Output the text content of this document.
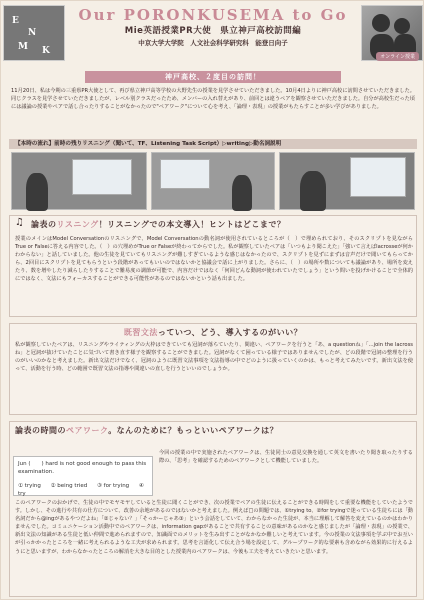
E
N
M K
Our PORONKUSEMA to Go
Mie英語授業PR大使　県立神戸高校訪問編
中京大学大学院　人文社会科学研究科　能登日向子
オンライン授業
神戸高校、２度目の訪問！
11月20日、私は今期の三重県PR大使として、再び県立神戸高等学校の大野先生の授業を見学させていただきました。10月4日よりに神戸高校に訪問させていただきました。同じクラスを見学させていただきましたが、レベル別クラスだったため、メンバーの入れ替えがあり、前回とは違うペアを観察させていただきました。自分が高校生だった頃には議論の授業やペアで話し合ったりすることがなかったので"ペアワーク"について心を考え、「論理・表現」の授業がもたらすことが多い学びがありました。
【本時の流れ】前時の残りリスニング（聞いて、TF、Listening Task Script）▷writing▷動名詞説明
♫ 論表のリスニング！リスニングでの本文導入！ヒントはどこまで？
授業のメインはModel Conversationのリスニングで、Model Conversationの動名詞が使用されているところが（　）で埋められており、そのスクリプトを見ながらTrue or Falseに答える内容でした。（　）の穴埋めがTrue or Falseが終わってからでした。私が観察していたペアは「いつもより聞こえた」「強いて言えばlacrosseが何かわからない」と話していました。他の生徒を見ていてもリスニングが難しすぎているような感じはなかったので、スクリプトを見ずにまずは音声だけで聞いてもらってから、2回目にスクリプトを見てもらうという段階があってもいいのではないかと協議会で話に上がりました。さらに、（　）の場所や数についても議論があり、場所を変えたり、数を増やしたり減らしたりすることで難易度の調節が可能で、内容だけではなく「何回どんな動詞が使われていたでしょう」という問いを投げかけることで全体的にではなく、文法にもフォーカスすることができる可能性があるのではないかという話も出ました。
既習文法っていつ、どう、導入するのがいい？
私が観察していたペアは、リスニングやライティングの大枠はできていても冠詞が落ちていたり、間違い、ペアワークを行うと「あ、a questionね」「…join the lacrossね」と冠詞が抜けていたことに気づいて書き直す様子を観察することができました。冠詞がなくて困っている様子ではありませんでしたが、どの段階で冠詞の整理を行うのがいいのかなと考えました。新出文法だけでなく、冠詞のように既習文法事項を文法指導の中でどのように扱っていくのかは、もっと考えてみたいです。新出文法を使って、活動を行う時、どの範囲で既習文法の指導や間違いの直しを行うといいのでしょうか。
論表の時間のペアワーク。なんのために？もっといいペアワークは？
Jun (　　) hard is not good enough to pass this examination.
① trying ② being tried ③ for trying ④ try
今回の授業の中で実施されたペアワークは、生徒同士の意見交換を通して英文を書いたり聞き取ったりする際の、「思考」を確認するためのペアワークとして機能していました。
このペアワークのおかげで、生徒の中でモヤモヤしていると生徒に聞くことができ、次の授業でペアの生徒に伝えることができる時間をして重要な機能をしていたようです。しかし、その進行や共有の仕方について、改善の余地があるのではないかと考えました。例えば□の問題では、①trying to、②for tryingで迷っている生徒ちには「動名詞だから@ingがあるやつだよね」「②じゃない？」「そっかーじゃあ③」という会話をしていて、わからなかった生徒が、本当に理解して解答を変えているのかはわかりませんでした。コミュニケーション活動中でのペアワークは、information gapがあることで共有することの意味があるのかなと感じましたが「論理・表現」の授業で、新出文法の知識がある生徒と低い仲間で進められますので、知識面でのメリットを生み出すことがなかなか難しいと考えています。今の授業の文法事項を学ぶ中でお互いが引っかかったところを一緒に考えられるような工夫が求められます。思考を言語化して伝え合う場を設定して、グループワーク的な要素も含めながら効果的に行えるようにと思いますが、わからなかったところの解消を大きな目的とした授業内のペアワークは、今後も工夫を考えていきたいと思います。
